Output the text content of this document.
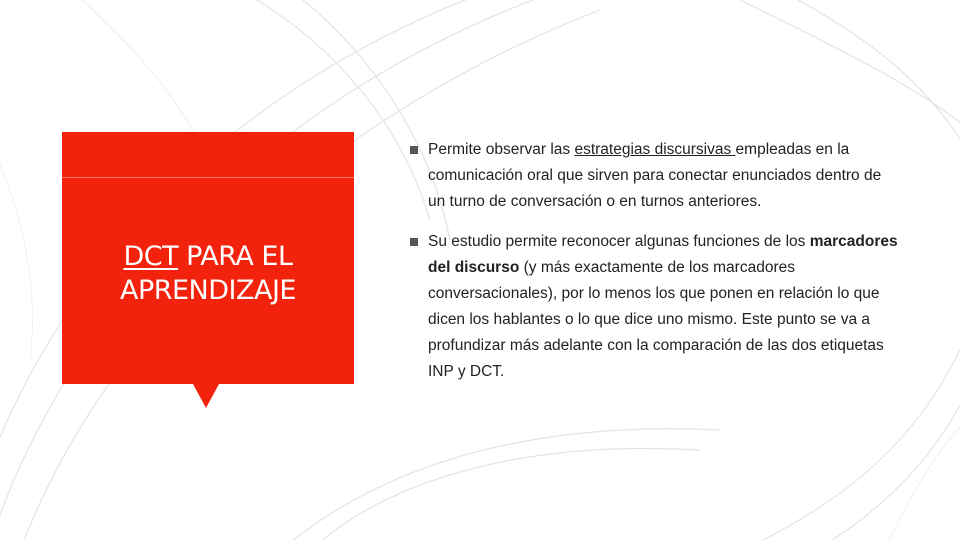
DCT PARA EL
APRENDIZAJE
Permite observar las estrategias discursivas empleadas en la comunicación oral que sirven para conectar enunciados dentro de un turno de conversación o en turnos anteriores.
Su estudio permite reconocer algunas funciones de los marcadores del discurso (y más exactamente de los marcadores conversacionales), por lo menos los que ponen en relación lo que dicen los hablantes o lo que dice uno mismo. Este punto se va a profundizar más adelante con la comparación de las dos etiquetas INP y DCT.
